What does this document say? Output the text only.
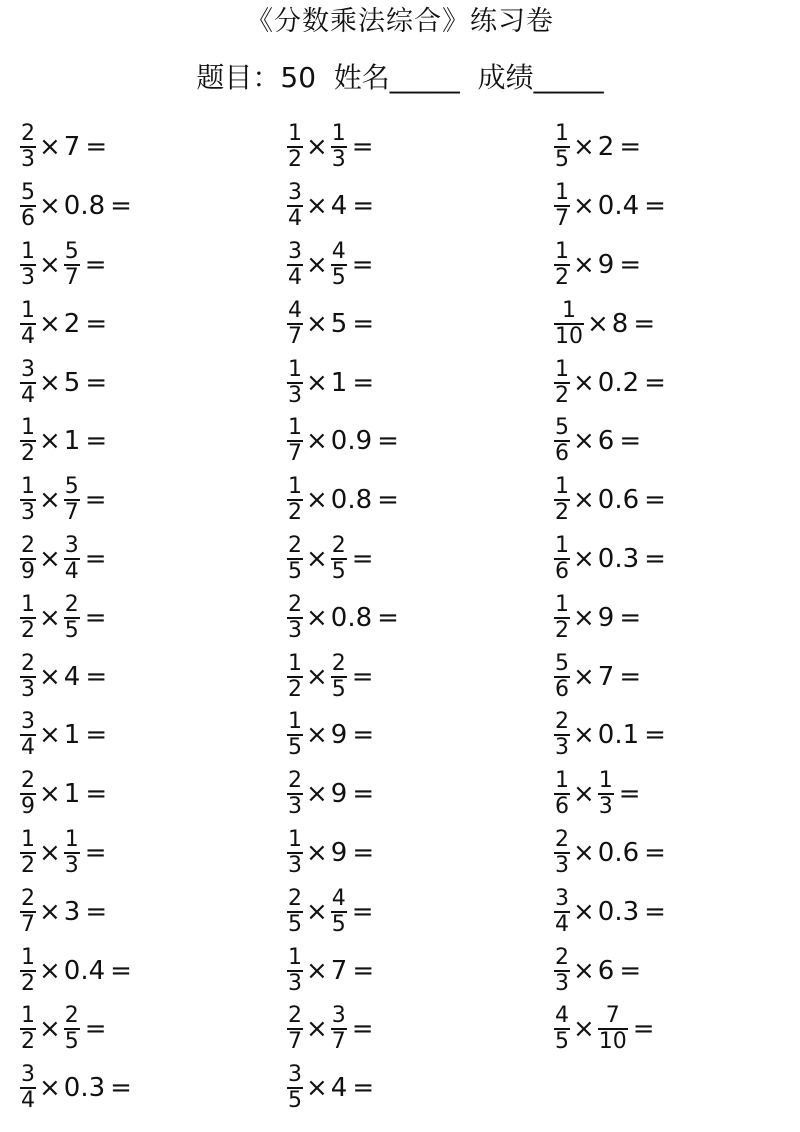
《分数乘法综合》练习卷
题目：50  姓名_____  成绩_____
$\frac{2}{3} \times 7$ =
$\frac{5}{6} \times 0.8$ =
$\frac{1}{3} \times \frac{5}{7}$ =
$\frac{1}{4} \times 2$ =
$\frac{3}{4} \times 5$ =
$\frac{1}{2} \times 1$ =
$\frac{1}{3} \times \frac{5}{7}$ =
$\frac{2}{9} \times \frac{3}{4}$ =
$\frac{1}{2} \times \frac{2}{5}$ =
$\frac{2}{3} \times 4$ =
$\frac{3}{4} \times 1$ =
$\frac{2}{9} \times 1$ =
$\frac{1}{2} \times \frac{1}{3}$ =
$\frac{2}{7} \times 3$ =
$\frac{1}{2} \times 0.4$ =
$\frac{1}{2} \times \frac{2}{5}$ =
$\frac{3}{4} \times 0.3$ =
$\frac{1}{2} \times \frac{1}{3}$ =
$\frac{3}{4} \times 4$ =
$\frac{3}{4} \times \frac{4}{5}$ =
$\frac{4}{7} \times 5$ =
$\frac{1}{3} \times 1$ =
$\frac{1}{7} \times 0.9$ =
$\frac{1}{2} \times 0.8$ =
$\frac{2}{5} \times \frac{2}{5}$ =
$\frac{2}{3} \times 0.8$ =
$\frac{1}{2} \times \frac{2}{5}$ =
$\frac{1}{5} \times 9$ =
$\frac{2}{3} \times 9$ =
$\frac{1}{3} \times 9$ =
$\frac{2}{5} \times \frac{4}{5}$ =
$\frac{1}{3} \times 7$ =
$\frac{2}{7} \times \frac{3}{7}$ =
$\frac{3}{5} \times 4$ =
$\frac{1}{5} \times 2$ =
$\frac{1}{7} \times 0.4$ =
$\frac{1}{2} \times 9$ =
$\frac{1}{10} \times 8$ =
$\frac{1}{2} \times 0.2$ =
$\frac{5}{6} \times 6$ =
$\frac{1}{2} \times 0.6$ =
$\frac{1}{6} \times 0.3$ =
$\frac{1}{2} \times 9$ =
$\frac{5}{6} \times 7$ =
$\frac{2}{3} \times 0.1$ =
$\frac{1}{6} \times \frac{1}{3}$ =
$\frac{2}{3} \times 0.6$ =
$\frac{3}{4} \times 0.3$ =
$\frac{2}{3} \times 6$ =
$\frac{4}{5} \times \frac{7}{10}$ =
